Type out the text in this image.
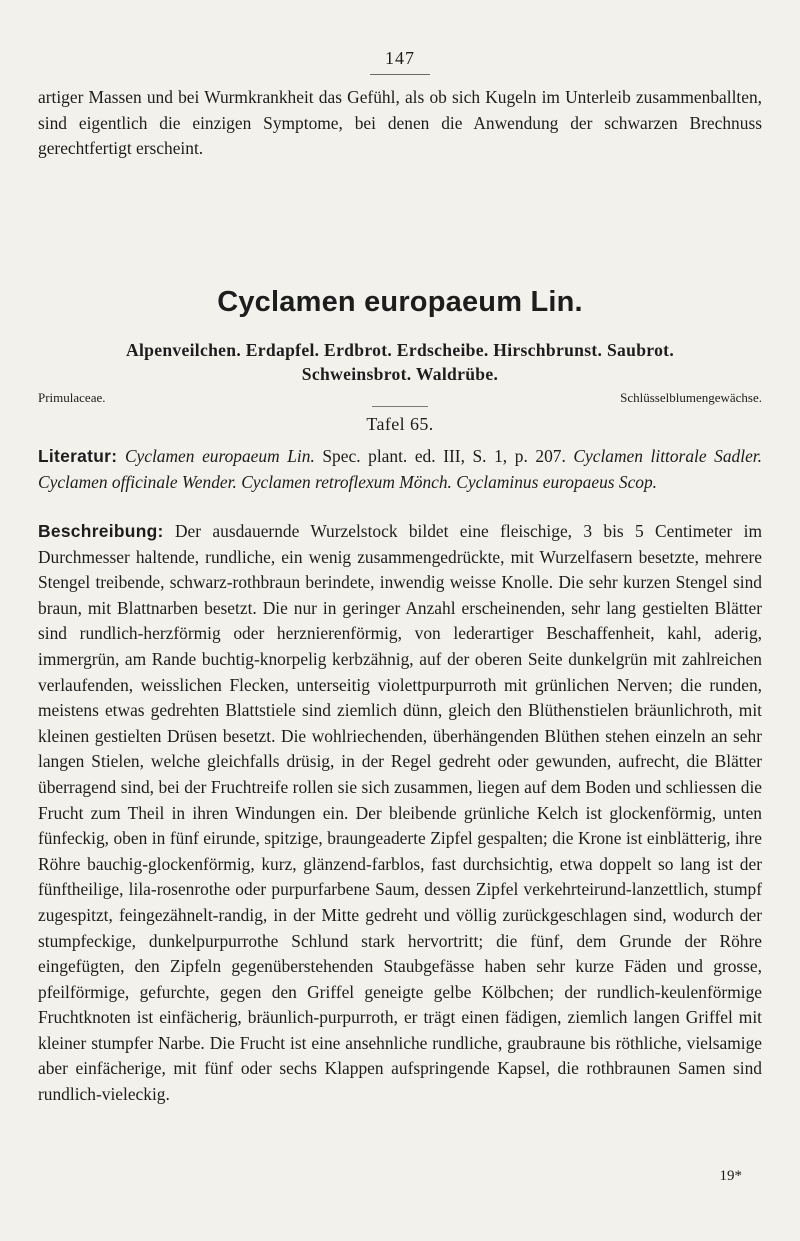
147

artiger Massen und bei Wurmkrankheit das Gefühl, als ob sich Kugeln im Unterleib zusammenballten, sind eigentlich die einzigen Symptome, bei denen die Anwendung der schwarzen Brechnuss gerechtfertigt erscheint.

Cyclamen europaeum Lin.
Alpenveilchen. Erdapfel. Erdbrot. Erdscheibe. Hirschbrunst. Saubrot.
Schweinsbrot. Waldrübe.
Primulaceae.	Schlüsselblumengewächse.
Tafel 65.

Literatur: Cyclamen europaeum Lin. Spec. plant. ed. III, S. 1, p. 207. Cyclamen littorale Sadler. Cyclamen officinale Wender. Cyclamen retroflexum Mönch. Cyclaminus europaeus Scop.

Beschreibung: Der ausdauernde Wurzelstock bildet eine fleischige, 3 bis 5 Centimeter im Durchmesser haltende, rundliche, ein wenig zusammengedrückte, mit Wurzelfasern besetzte, mehrere Stengel treibende, schwarz-rothbraun berindete, inwendig weisse Knolle. Die sehr kurzen Stengel sind braun, mit Blattnarben besetzt. Die nur in geringer Anzahl erscheinenden, sehr lang gestielten Blätter sind rundlich-herzförmig oder herznierenförmig, von lederartiger Beschaffenheit, kahl, aderig, immergrün, am Rande buchtig-knorpelig kerbzähnig, auf der oberen Seite dunkelgrün mit zahlreichen verlaufenden, weisslichen Flecken, unterseitig violettpurpurroth mit grünlichen Nerven; die runden, meistens etwas gedrehten Blattstiele sind ziemlich dünn, gleich den Blüthenstielen bräunlichroth, mit kleinen gestielten Drüsen besetzt. Die wohlriechenden, überhängenden Blüthen stehen einzeln an sehr langen Stielen, welche gleichfalls drüsig, in der Regel gedreht oder gewunden, aufrecht, die Blätter überragend sind, bei der Fruchtreife rollen sie sich zusammen, liegen auf dem Boden und schliessen die Frucht zum Theil in ihren Windungen ein. Der bleibende grünliche Kelch ist glockenförmig, unten fünfeckig, oben in fünf eirunde, spitzige, braungeaderte Zipfel gespalten; die Krone ist einblätterig, ihre Röhre bauchig-glockenförmig, kurz, glänzend-farblos, fast durchsichtig, etwa doppelt so lang ist der fünftheilige, lila-rosenrothe oder purpurfarbene Saum, dessen Zipfel verkehrteirund-lanzettlich, stumpf zugespitzt, feingezähnelt-randig, in der Mitte gedreht und völlig zurückgeschlagen sind, wodurch der stumpfeckige, dunkelpurpurrothe Schlund stark hervortritt; die fünf, dem Grunde der Röhre eingefügten, den Zipfeln gegenüberstehenden Staubgefässe haben sehr kurze Fäden und grosse, pfeilförmige, gefurchte, gegen den Griffel geneigte gelbe Kölbchen; der rundlich-keulenförmige Fruchtknoten ist einfächerig, bräunlich-purpurroth, er trägt einen fädigen, ziemlich langen Griffel mit kleiner stumpfer Narbe. Die Frucht ist eine ansehnliche rundliche, graubraune bis röthliche, vielsamige aber einfächerige, mit fünf oder sechs Klappen aufspringende Kapsel, die rothbraunen Samen sind rundlich-vieleckig.

19*
